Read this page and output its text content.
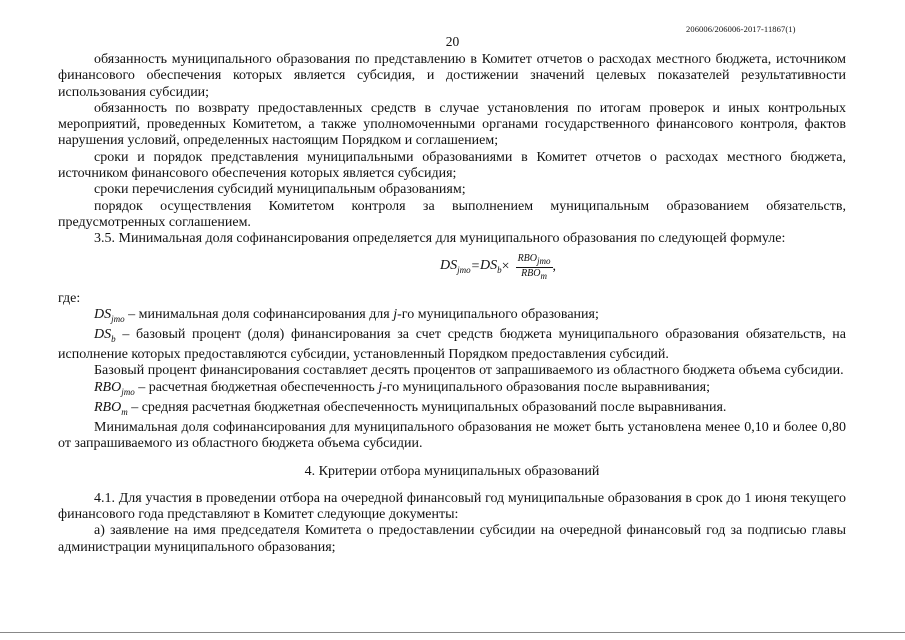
206006/206006-2017-11867(1)
20

обязанность муниципального образования по представлению в Комитет отчетов о расходах местного бюджета, источником финансового обеспечения которых является субсидия, и достижении значений целевых показателей результативности использования субсидии;

обязанность по возврату предоставленных средств в случае установления по итогам проверок и иных контрольных мероприятий, проведенных Комитетом, а также уполномоченными органами государственного финансового контроля, фактов нарушения условий, определенных настоящим Порядком и соглашением;

сроки и порядок представления муниципальными образованиями в Комитет отчетов о расходах местного бюджета, источником финансового обеспечения которых является субсидия;

сроки перечисления субсидий муниципальным образованиям;

порядок осуществления Комитетом контроля за выполнением муниципальным образованием обязательств, предусмотренных соглашением.

3.5. Минимальная доля софинансирования определяется для муниципального образования по следующей формуле:

$DS_{jmo} = DS_b \times \frac{RBO_{jmo}}{RBO_m}$ ,

где:

$DS_{jmo}$ – минимальная доля софинансирования для j-го муниципального образования;

$DS_b$ – базовый процент (доля) финансирования за счет средств бюджета муниципального образования обязательств, на исполнение которых предоставляются субсидии, установленный Порядком предоставления субсидий.

Базовый процент финансирования составляет десять процентов от запрашиваемого из областного бюджета объема субсидии.

$RBO_{jmo}$ – расчетная бюджетная обеспеченность j-го муниципального образования после выравнивания;

$RBO_m$ – средняя расчетная бюджетная обеспеченность муниципальных образований после выравнивания.

Минимальная доля софинансирования для муниципального образования не может быть установлена менее 0,10 и более 0,80 от запрашиваемого из областного бюджета объема субсидии.

4. Критерии отбора муниципальных образований

4.1. Для участия в проведении отбора на очередной финансовый год муниципальные образования в срок до 1 июня текущего финансового года представляют в Комитет следующие документы:

а) заявление на имя председателя Комитета о предоставлении субсидии на очередной финансовый год за подписью главы администрации муниципального образования;
